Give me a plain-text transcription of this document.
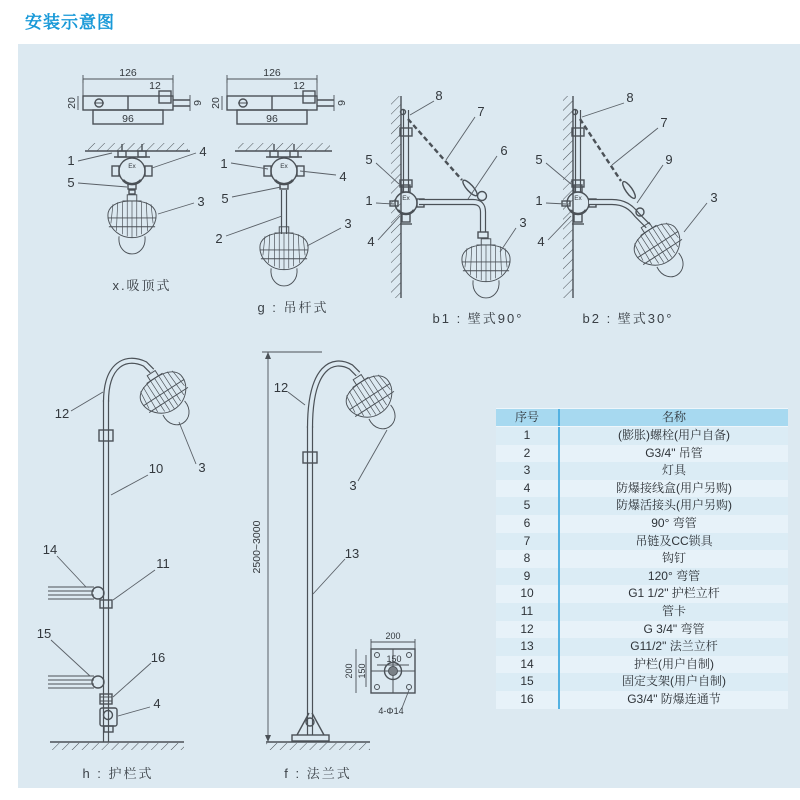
安装示意图
126
12
9
20
96
126
12
9
20
96
Ex
1
5
4
3
Ex
1
4
5
2
3
Ex
8
7
6
5
1
4
3
Ex
8
7
9
5
1
4
3
12
3
10
14
11
15
16
4
2500~3000
12
3
13
200
150
200 150
4-Φ14
x.吸顶式
g : 吊杆式
b1 : 壁式90°	b2 : 壁式30°
h : 护栏式	f : 法兰式
序号	名称
1	(膨胀)螺栓(用户自备)
2	G3/4" 吊管
3	灯具
4	防爆接线盒(用户另购)
5	防爆活接头(用户另购)
6	90° 弯管
7	吊链及CC锁具
8	钩钉
9	120° 弯管
10	G1 1/2" 护栏立杆
11	管卡
12	G 3/4" 弯管
13	G11/2" 法兰立杆
14	护栏(用户自制)
15	固定支架(用户自制)
16	G3/4" 防爆连通节
